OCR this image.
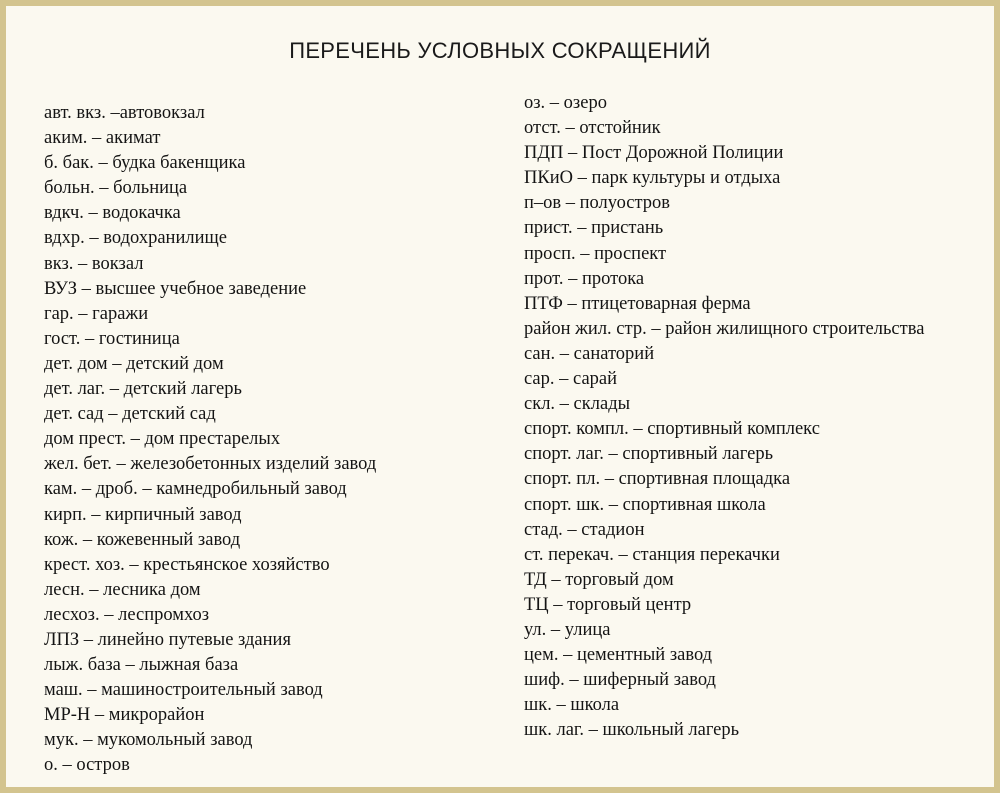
ПЕРЕЧЕНЬ УСЛОВНЫХ СОКРАЩЕНИЙ
авт. вкз. –автовокзал
аким. – акимат
б. бак. – будка бакенщика
больн. – больница
вдкч. – водокачка
вдхр. – водохранилище
вкз. – вокзал
ВУЗ – высшее учебное заведение
гар. – гаражи
гост. – гостиница
дет. дом – детский дом
дет. лаг. – детский лагерь
дет. сад – детский сад
дом прест. – дом престарелых
жел. бет. – железобетонных изделий завод
кам. – дроб. – камнедробильный завод
кирп. – кирпичный завод
кож. – кожевенный завод
крест. хоз. – крестьянское хозяйство
лесн. – лесника дом
лесхоз. – леспромхоз
ЛПЗ – линейно путевые здания
лыж. база – лыжная база
маш. – машиностроительный завод
МР-Н – микрорайон
мук. – мукомольный завод
о. – остров
оз. – озеро
отст. – отстойник
ПДП – Пост Дорожной Полиции
ПКиО – парк культуры и отдыха
п–ов – полуостров
прист. – пристань
просп. – проспект
прот. – протока
ПТФ – птицетоварная ферма
район жил. стр. – район жилищного строительства
сан. – санаторий
сар. – сарай
скл. – склады
спорт. компл. – спортивный комплекс
спорт. лаг. – спортивный лагерь
спорт. пл. – спортивная площадка
спорт. шк. – спортивная школа
стад. – стадион
ст. перекач. – станция перекачки
ТД – торговый дом
ТЦ – торговый центр
ул. – улица
цем. – цементный завод
шиф. – шиферный завод
шк. – школа
шк. лаг. – школьный лагерь
